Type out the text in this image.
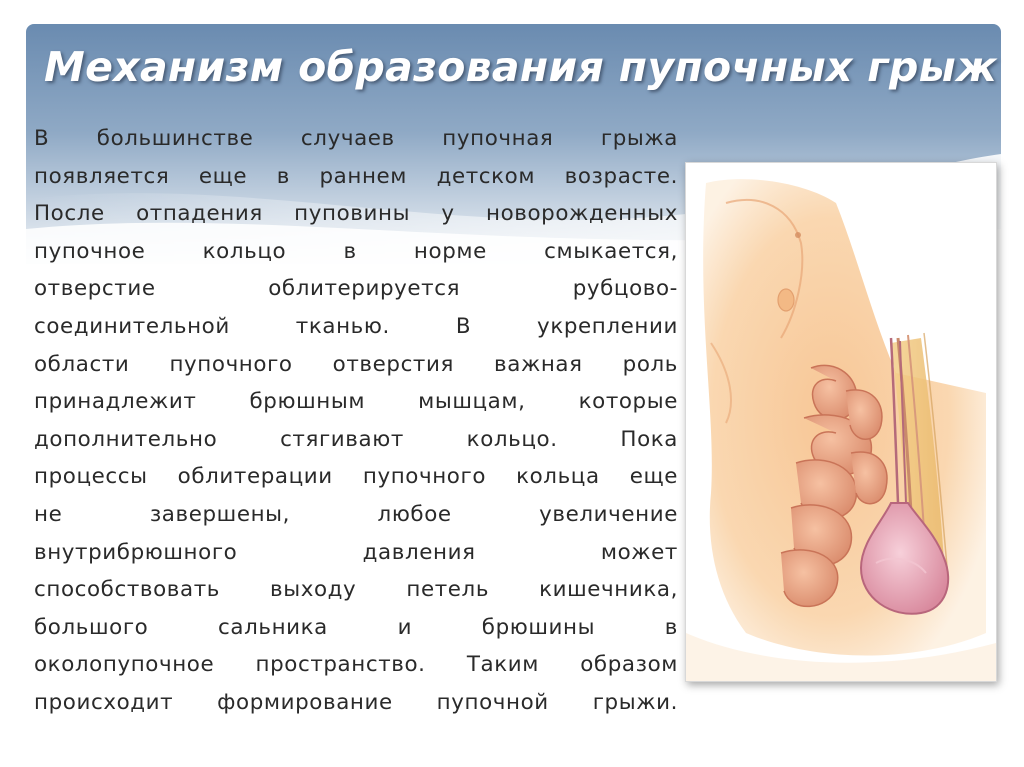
Механизм образования пупочных грыж
В большинстве случаев пупочная грыжа
появляется еще в раннем детском возрасте.
После отпадения пуповины у новорожденных
пупочное кольцо в норме смыкается,
отверстие облитерируется рубцово-
соединительной тканью. В укреплении
области пупочного отверстия важная роль
принадлежит брюшным мышцам, которые
дополнительно стягивают кольцо. Пока
процессы облитерации пупочного кольца еще
не завершены, любое увеличение
внутрибрюшного давления может
способствовать выходу петель кишечника,
большого сальника и брюшины в
околопупочное пространство. Таким образом
происходит формирование пупочной грыжи.
